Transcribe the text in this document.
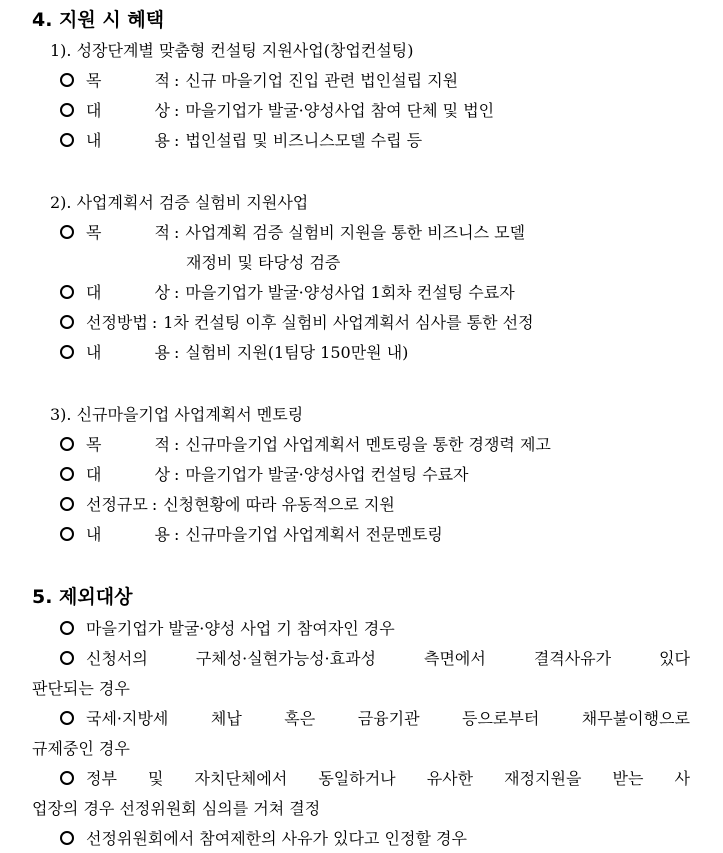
4. 지원 시 혜택
1). 성장단계별 맞춤형 컨설팅 지원사업(창업컨설팅)
목 적 : 신규 마을기업 진입 관련 법인설립 지원
대 상 : 마을기업가 발굴·양성사업 참여 단체 및 법인
내 용 : 법인설립 및 비즈니스모델 수립 등
2). 사업계획서 검증 실험비 지원사업
목 적 : 사업계획 검증 실험비 지원을 통한 비즈니스 모델
재정비 및 타당성 검증
대 상 : 마을기업가 발굴·양성사업 1회차 컨설팅 수료자
선정방법 : 1차 컨설팅 이후 실험비 사업계획서 심사를 통한 선정
내 용 : 실험비 지원(1팀당 150만원 내)
3). 신규마을기업 사업계획서 멘토링
목 적 : 신규마을기업 사업계획서 멘토링을 통한 경쟁력 제고
대 상 : 마을기업가 발굴·양성사업 컨설팅 수료자
선정규모 : 신청현황에 따라 유동적으로 지원
내 용 : 신규마을기업 사업계획서 전문멘토링
5. 제외대상
마을기업가 발굴·양성 사업 기 참여자인 경우
신청서의 구체성·실현가능성·효과성 측면에서 결격사유가 있다
판단되는 경우
국세·지방세 체납 혹은 금융기관 등으로부터 채무불이행으로
규제중인 경우
정부 및 자치단체에서 동일하거나 유사한 재정지원을 받는 사
업장의 경우 선정위원회 심의를 거쳐 결정
선정위원회에서 참여제한의 사유가 있다고 인정할 경우
